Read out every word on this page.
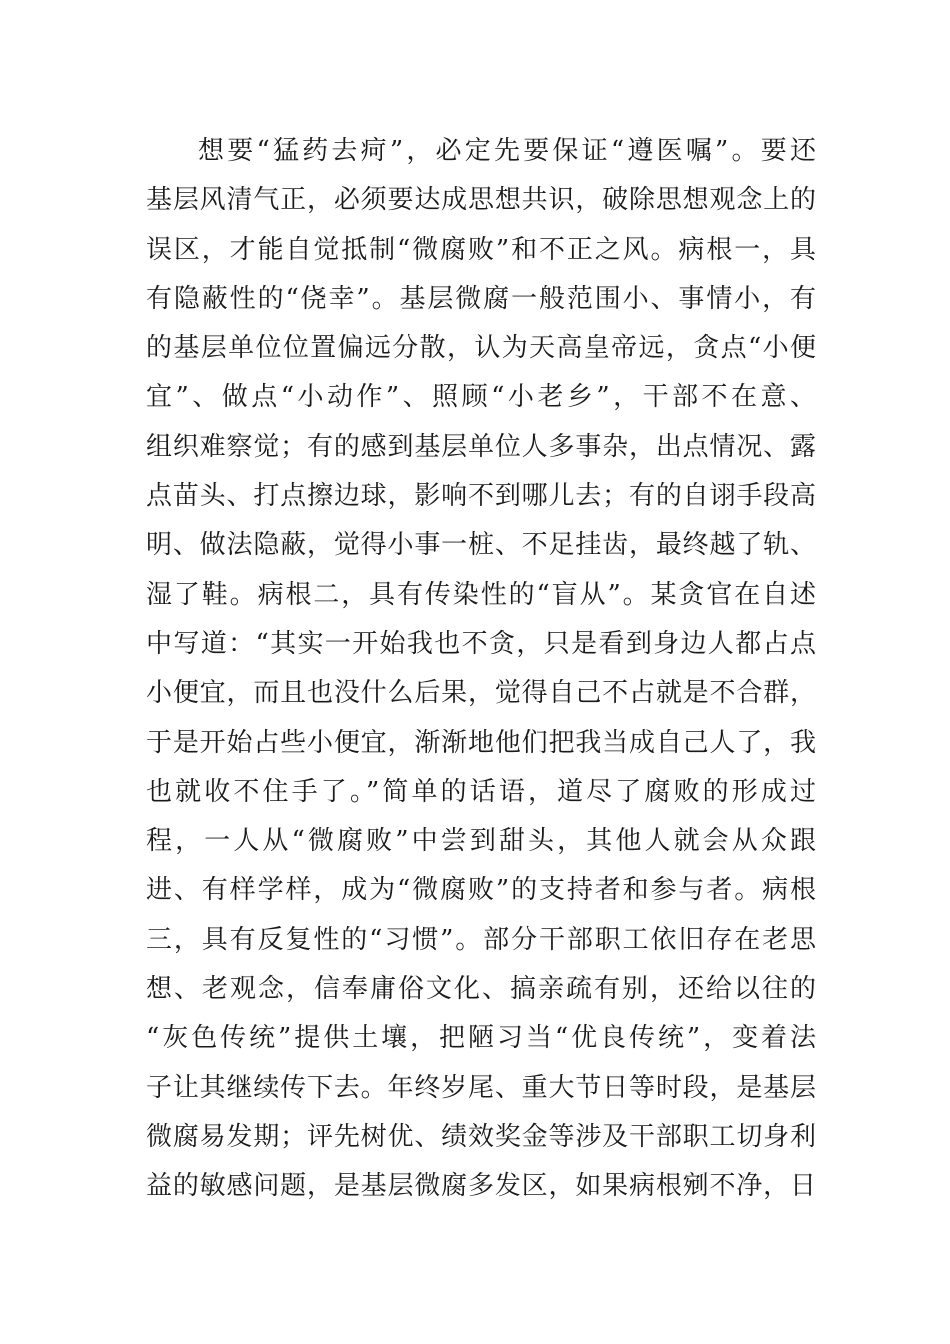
想要“猛药去疴”，必定先要保证“遵医嘱”。要还
基层风清气正，必须要达成思想共识，破除思想观念上的
误区，才能自觉抵制“微腐败”和不正之风。病根一，具
有隐蔽性的“侥幸”。基层微腐一般范围小、事情小，有
的基层单位位置偏远分散，认为天高皇帝远，贪点“小便
宜”、做点“小动作”、照顾“小老乡”，干部不在意、
组织难察觉；有的感到基层单位人多事杂，出点情况、露
点苗头、打点擦边球，影响不到哪儿去；有的自诩手段高
明、做法隐蔽，觉得小事一桩、不足挂齿，最终越了轨、
湿了鞋。病根二，具有传染性的“盲从”。某贪官在自述
中写道：“其实一开始我也不贪，只是看到身边人都占点
小便宜，而且也没什么后果，觉得自己不占就是不合群，
于是开始占些小便宜，渐渐地他们把我当成自己人了，我
也就收不住手了。”简单的话语，道尽了腐败的形成过
程，一人从“微腐败”中尝到甜头，其他人就会从众跟
进、有样学样，成为“微腐败”的支持者和参与者。病根
三，具有反复性的“习惯”。部分干部职工依旧存在老思
想、老观念，信奉庸俗文化、搞亲疏有别，还给以往的
“灰色传统”提供土壤，把陋习当“优良传统”，变着法
子让其继续传下去。年终岁尾、重大节日等时段，是基层
微腐易发期；评先树优、绩效奖金等涉及干部职工切身利
益的敏感问题，是基层微腐多发区，如果病根剜不净，日
